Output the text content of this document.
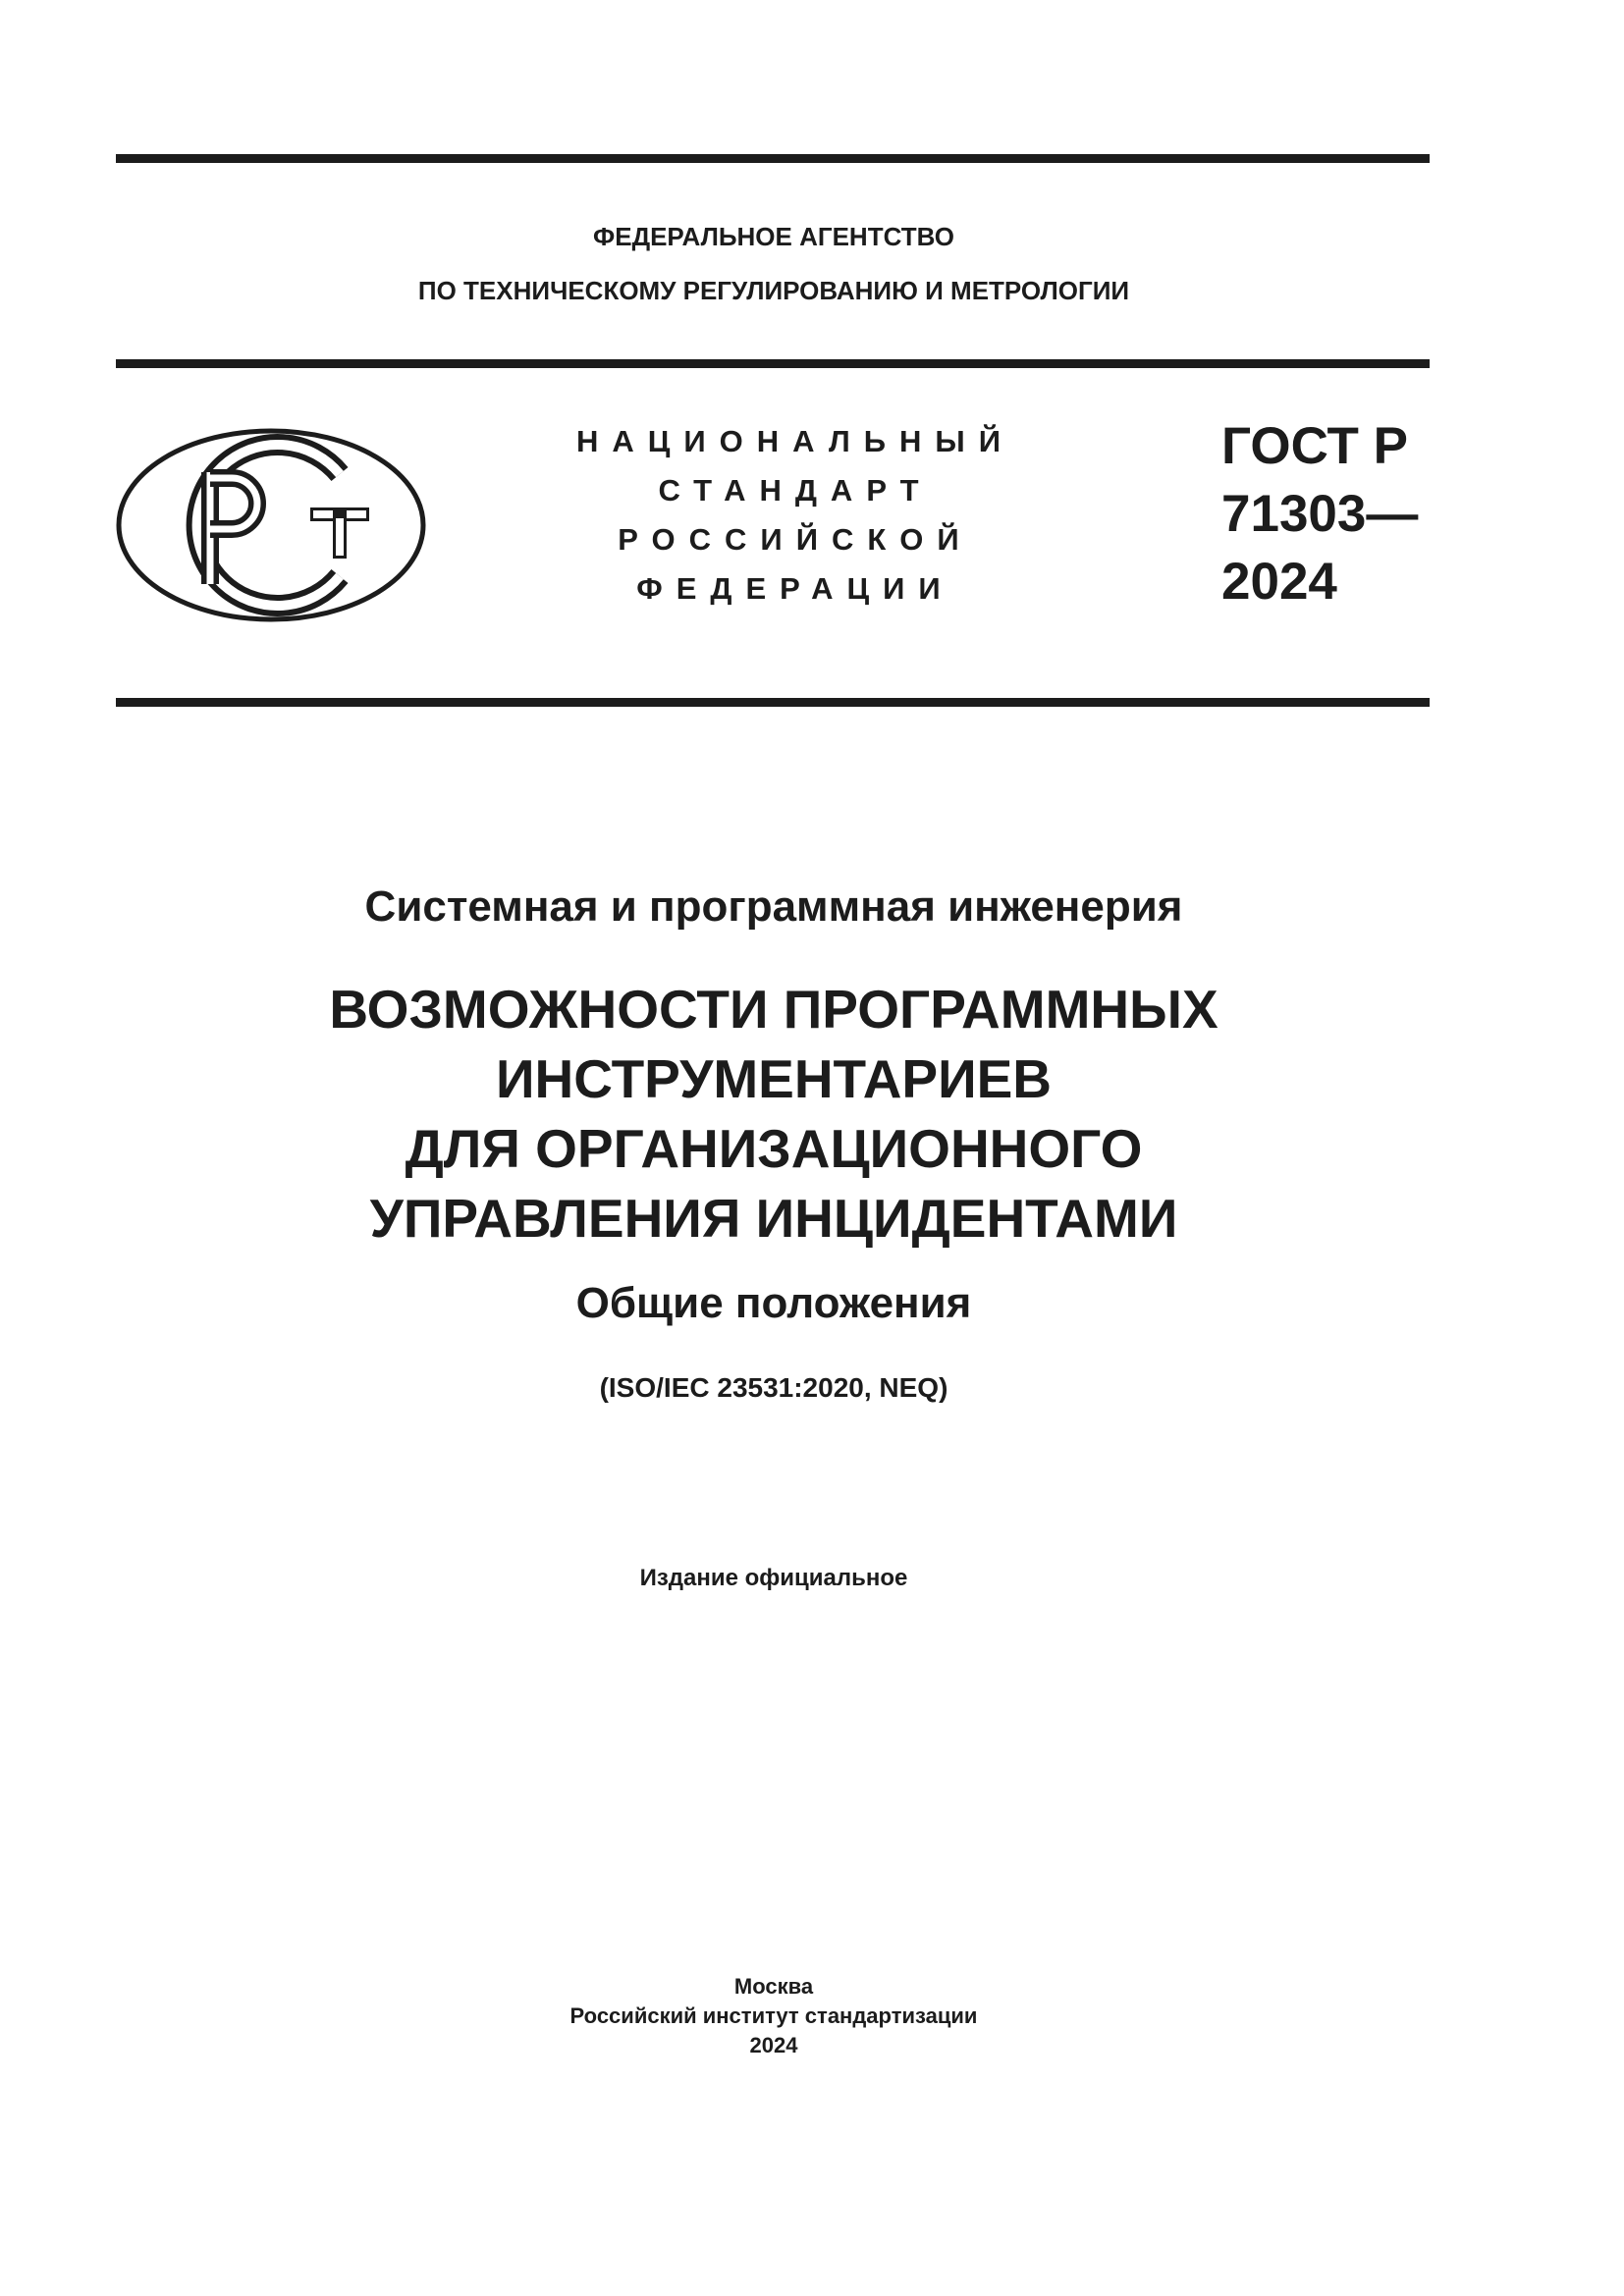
ФЕДЕРАЛЬНОЕ АГЕНТСТВО
ПО ТЕХНИЧЕСКОМУ РЕГУЛИРОВАНИЮ И МЕТРОЛОГИИ
НАЦИОНАЛЬНЫЙ
СТАНДАРТ
РОССИЙСКОЙ
ФЕДЕРАЦИИ
ГОСТ Р
71303—
2024
Системная и программная инженерия
ВОЗМОЖНОСТИ ПРОГРАММНЫХ
ИНСТРУМЕНТАРИЕВ
ДЛЯ ОРГАНИЗАЦИОННОГО
УПРАВЛЕНИЯ ИНЦИДЕНТАМИ
Общие положения
(ISO/IEC 23531:2020, NEQ)
Издание официальное
Москва
Российский институт стандартизации
2024
